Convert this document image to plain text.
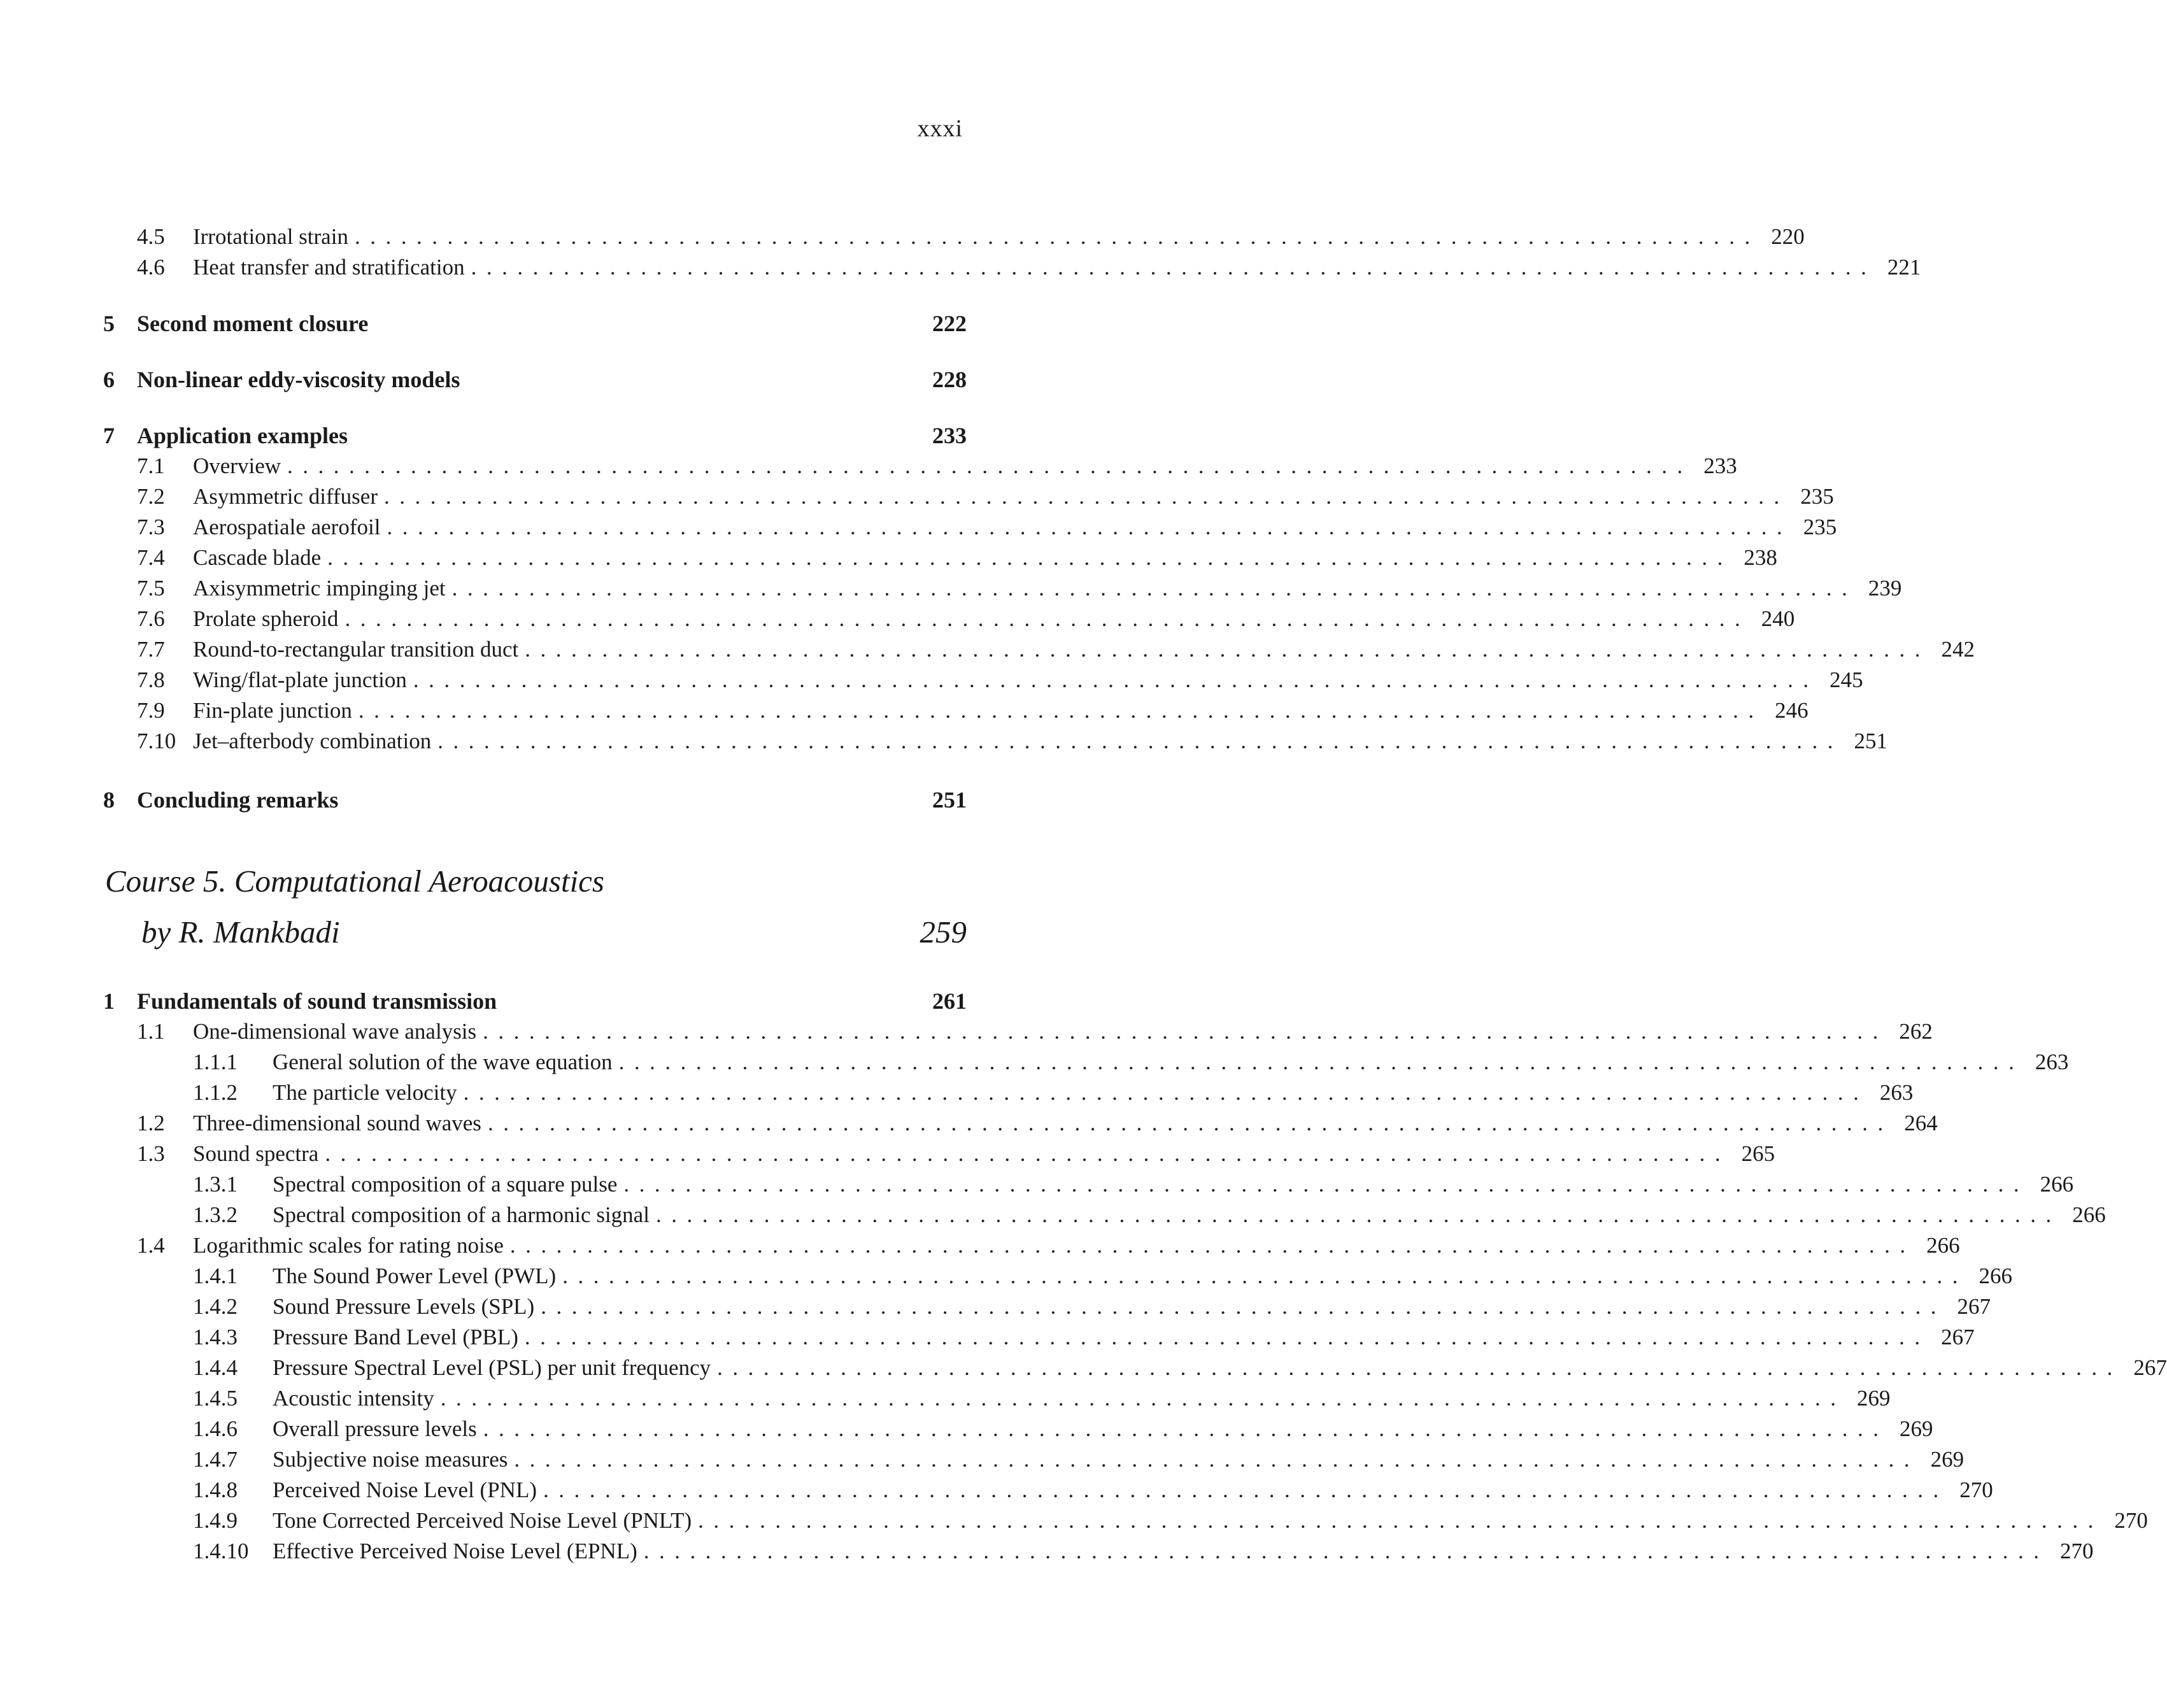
xxxi
4.5 Irrotational strain ........................................................................................... 220
4.6 Heat transfer and stratification ........................................................................................... 221
5 Second moment closure	222
6 Non-linear eddy-viscosity models	228
7 Application examples	233
7.1 Overview ........................................................................................... 233
7.2 Asymmetric diffuser ........................................................................................... 235
7.3 Aerospatiale aerofoil ........................................................................................... 235
7.4 Cascade blade ........................................................................................... 238
7.5 Axisymmetric impinging jet ........................................................................................... 239
7.6 Prolate spheroid ........................................................................................... 240
7.7 Round-to-rectangular transition duct ........................................................................................... 242
7.8 Wing/flat-plate junction ........................................................................................... 245
7.9 Fin-plate junction ........................................................................................... 246
7.10 Jet–afterbody combination ........................................................................................... 251
8 Concluding remarks	251
Course 5. Computational Aeroacoustics
by R. Mankbadi	259
1 Fundamentals of sound transmission	261
1.1 One-dimensional wave analysis ........................................................................................... 262
1.1.1 General solution of the wave equation ........................................................................................... 263
1.1.2 The particle velocity ........................................................................................... 263
1.2 Three-dimensional sound waves ........................................................................................... 264
1.3 Sound spectra ........................................................................................... 265
1.3.1 Spectral composition of a square pulse ........................................................................................... 266
1.3.2 Spectral composition of a harmonic signal ........................................................................................... 266
1.4 Logarithmic scales for rating noise ........................................................................................... 266
1.4.1 The Sound Power Level (PWL) ........................................................................................... 266
1.4.2 Sound Pressure Levels (SPL) ........................................................................................... 267
1.4.3 Pressure Band Level (PBL) ........................................................................................... 267
1.4.4 Pressure Spectral Level (PSL) per unit frequency ........................................................................................... 267
1.4.5 Acoustic intensity ........................................................................................... 269
1.4.6 Overall pressure levels ........................................................................................... 269
1.4.7 Subjective noise measures ........................................................................................... 269
1.4.8 Perceived Noise Level (PNL) ........................................................................................... 270
1.4.9 Tone Corrected Perceived Noise Level (PNLT) ........................................................................................... 270
1.4.10 Effective Perceived Noise Level (EPNL) ........................................................................................... 270
